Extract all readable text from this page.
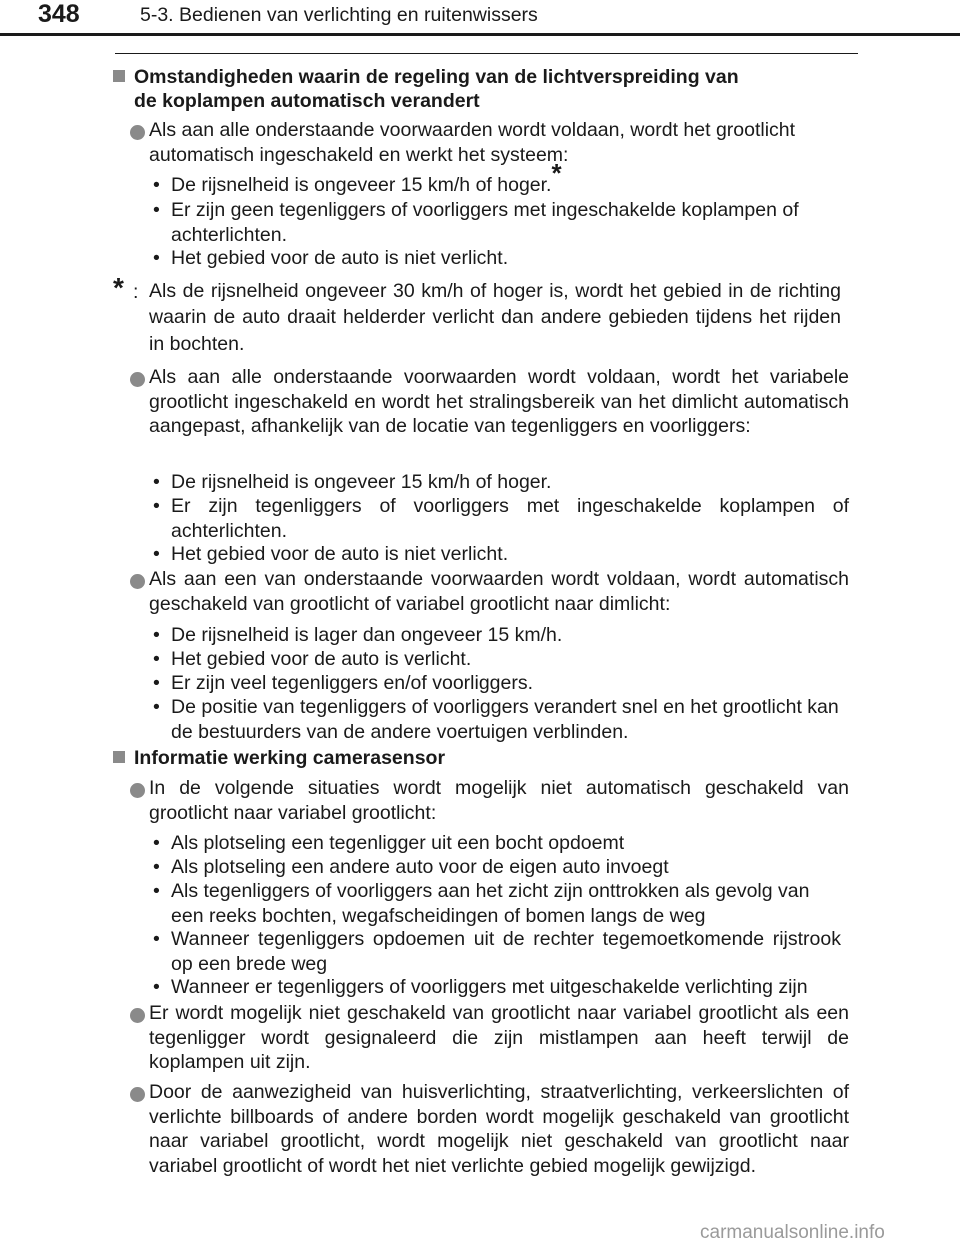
348	5-3. Bedienen van verlichting en ruitenwissers
Omstandigheden waarin de regeling van de lichtverspreiding van
de koplampen automatisch verandert
Als aan alle onderstaande voorwaarden wordt voldaan, wordt het grootlicht
automatisch ingeschakeld en werkt het systeem:
• De rijsnelheid is ongeveer 15 km/h of hoger.*
• Er zijn geen tegenliggers of voorliggers met ingeschakelde koplampen of achterlichten.
• Het gebied voor de auto is niet verlicht.
* : Als de rijsnelheid ongeveer 30 km/h of hoger is, wordt het gebied in de richting waarin de auto draait helderder verlicht dan andere gebieden tijdens het rijden in bochten.
Als aan alle onderstaande voorwaarden wordt voldaan, wordt het variabele grootlicht ingeschakeld en wordt het stralingsbereik van het dimlicht automatisch aangepast, afhankelijk van de locatie van tegenliggers en voorliggers:
• De rijsnelheid is ongeveer 15 km/h of hoger.
• Er zijn tegenliggers of voorliggers met ingeschakelde koplampen of achterlichten.
• Het gebied voor de auto is niet verlicht.
Als aan een van onderstaande voorwaarden wordt voldaan, wordt automatisch geschakeld van grootlicht of variabel grootlicht naar dimlicht:
• De rijsnelheid is lager dan ongeveer 15 km/h.
• Het gebied voor de auto is verlicht.
• Er zijn veel tegenliggers en/of voorliggers.
• De positie van tegenliggers of voorliggers verandert snel en het grootlicht kan de bestuurders van de andere voertuigen verblinden.
Informatie werking camerasensor
In de volgende situaties wordt mogelijk niet automatisch geschakeld van grootlicht naar variabel grootlicht:
• Als plotseling een tegenligger uit een bocht opdoemt
• Als plotseling een andere auto voor de eigen auto invoegt
• Als tegenliggers of voorliggers aan het zicht zijn onttrokken als gevolg van een reeks bochten, wegafscheidingen of bomen langs de weg
• Wanneer tegenliggers opdoemen uit de rechter tegemoetkomende rijstrook op een brede weg
• Wanneer er tegenliggers of voorliggers met uitgeschakelde verlichting zijn
Er wordt mogelijk niet geschakeld van grootlicht naar variabel grootlicht als een tegenligger wordt gesignaleerd die zijn mistlampen aan heeft terwijl de koplampen uit zijn.
Door de aanwezigheid van huisverlichting, straatverlichting, verkeerslichten of verlichte billboards of andere borden wordt mogelijk geschakeld van grootlicht naar variabel grootlicht, wordt mogelijk niet geschakeld van grootlicht naar variabel grootlicht of wordt het niet verlichte gebied mogelijk gewijzigd.
carmanualsonline.info
